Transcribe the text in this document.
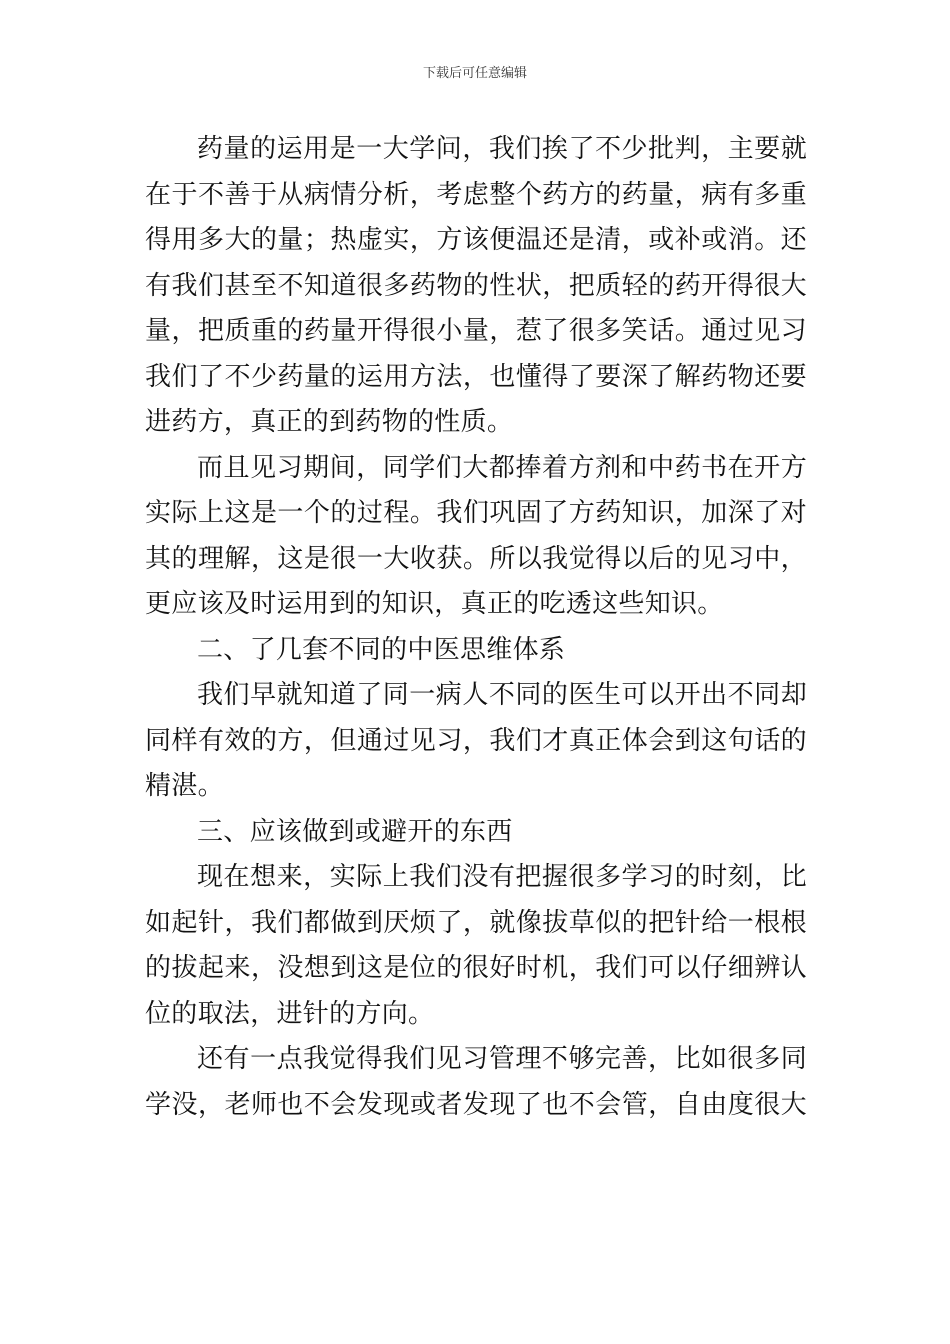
下载后可任意编辑

药量的运用是一大学问，我们挨了不少批判，主要就
在于不善于从病情分析，考虑整个药方的药量，病有多重
得用多大的量；热虚实，方该便温还是清，或补或消。还
有我们甚至不知道很多药物的性状，把质轻的药开得很大
量，把质重的药量开得很小量，惹了很多笑话。通过见习
我们了不少药量的运用方法，也懂得了要深了解药物还要
进药方，真正的到药物的性质。

而且见习期间，同学们大都捧着方剂和中药书在开方
实际上这是一个的过程。我们巩固了方药知识，加深了对
其的理解，这是很一大收获。所以我觉得以后的见习中，
更应该及时运用到的知识，真正的吃透这些知识。

二、了几套不同的中医思维体系

我们早就知道了同一病人不同的医生可以开出不同却
同样有效的方，但通过见习，我们才真正体会到这句话的
精湛。

三、应该做到或避开的东西

现在想来，实际上我们没有把握很多学习的时刻，比
如起针，我们都做到厌烦了，就像拔草似的把针给一根根
的拔起来，没想到这是位的很好时机，我们可以仔细辨认
位的取法，进针的方向。

还有一点我觉得我们见习管理不够完善，比如很多同
学没，老师也不会发现或者发现了也不会管，自由度很大
